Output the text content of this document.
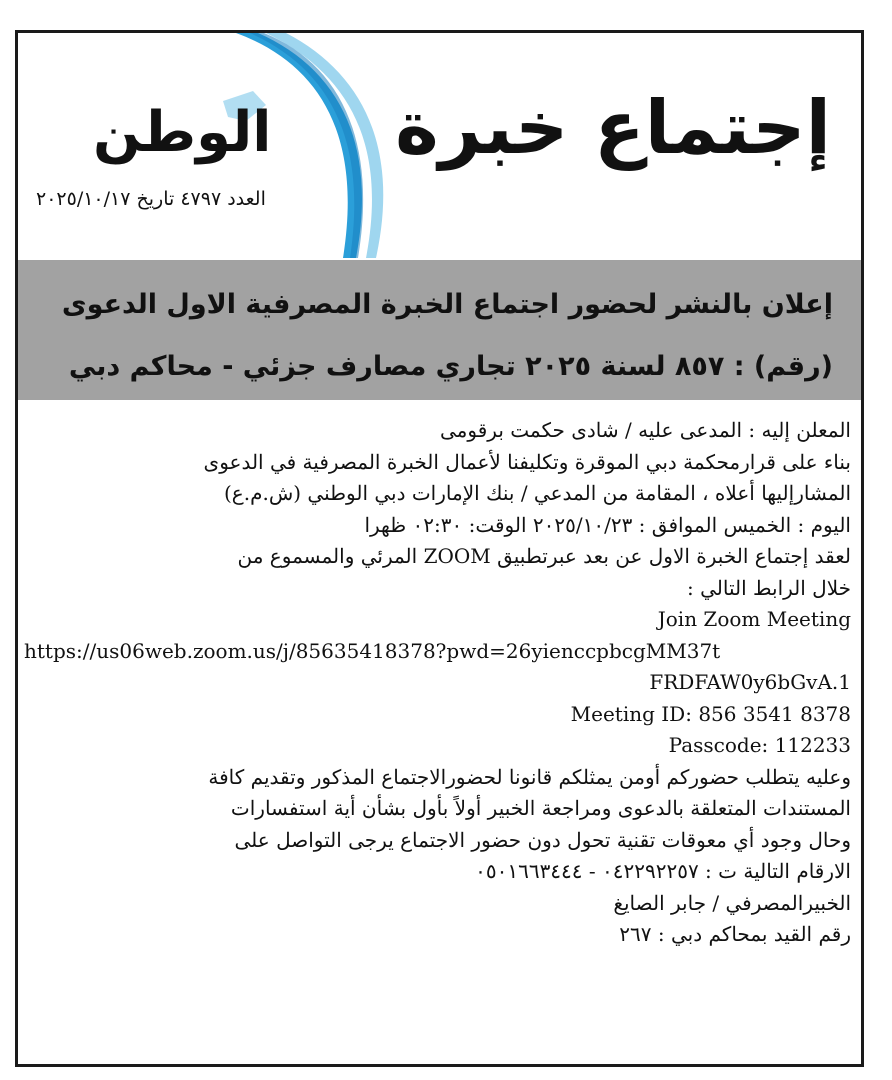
إجتماع خبرة
الوطن
العدد ٤٧٩٧ تاريخ ٢٠٢٥/١٠/١٧
إعلان بالنشر لحضور اجتماع الخبرة المصرفية الاول الدعوى
(رقم) : ٨٥٧ لسنة ٢٠٢٥ تجاري مصارف جزئي - محاكم دبي
المعلن إليه : المدعى عليه / شادى حكمت برقومى
بناء على قرارمحكمة دبي الموقرة وتكليفنا لأعمال الخبرة المصرفية في الدعوى
المشارإليها أعلاه ، المقامة من المدعي / بنك الإمارات دبي الوطني (ش.م.ع)
اليوم : الخميس الموافق : ٢٠٢٥/١٠/٢٣ الوقت: ٠٢:٣٠ ظهرا
لعقد إجتماع الخبرة الاول عن بعد عبرتطبيق ZOOM المرئي والمسموع من
خلال الرابط التالي :
Join Zoom Meeting
https://us06web.zoom.us/j/85635418378?pwd=26yienccpbcgMM37t
FRDFAW0y6bGvA.1
Meeting ID: 856 3541 8378
Passcode: 112233
وعليه يتطلب حضوركم أومن يمثلكم قانونا لحضورالاجتماع المذكور وتقديم كافة
المستندات المتعلقة بالدعوى ومراجعة الخبير أولاً بأول بشأن أية استفسارات
وحال وجود أي معوقات تقنية تحول دون حضور الاجتماع يرجى التواصل على
الارقام التالية ت : ٠٤٢٢٩٢٢٥٧ - ٠٥٠١٦٦٣٤٤٤
الخبيرالمصرفي / جابر الصايغ
رقم القيد بمحاكم دبي : ٢٦٧
